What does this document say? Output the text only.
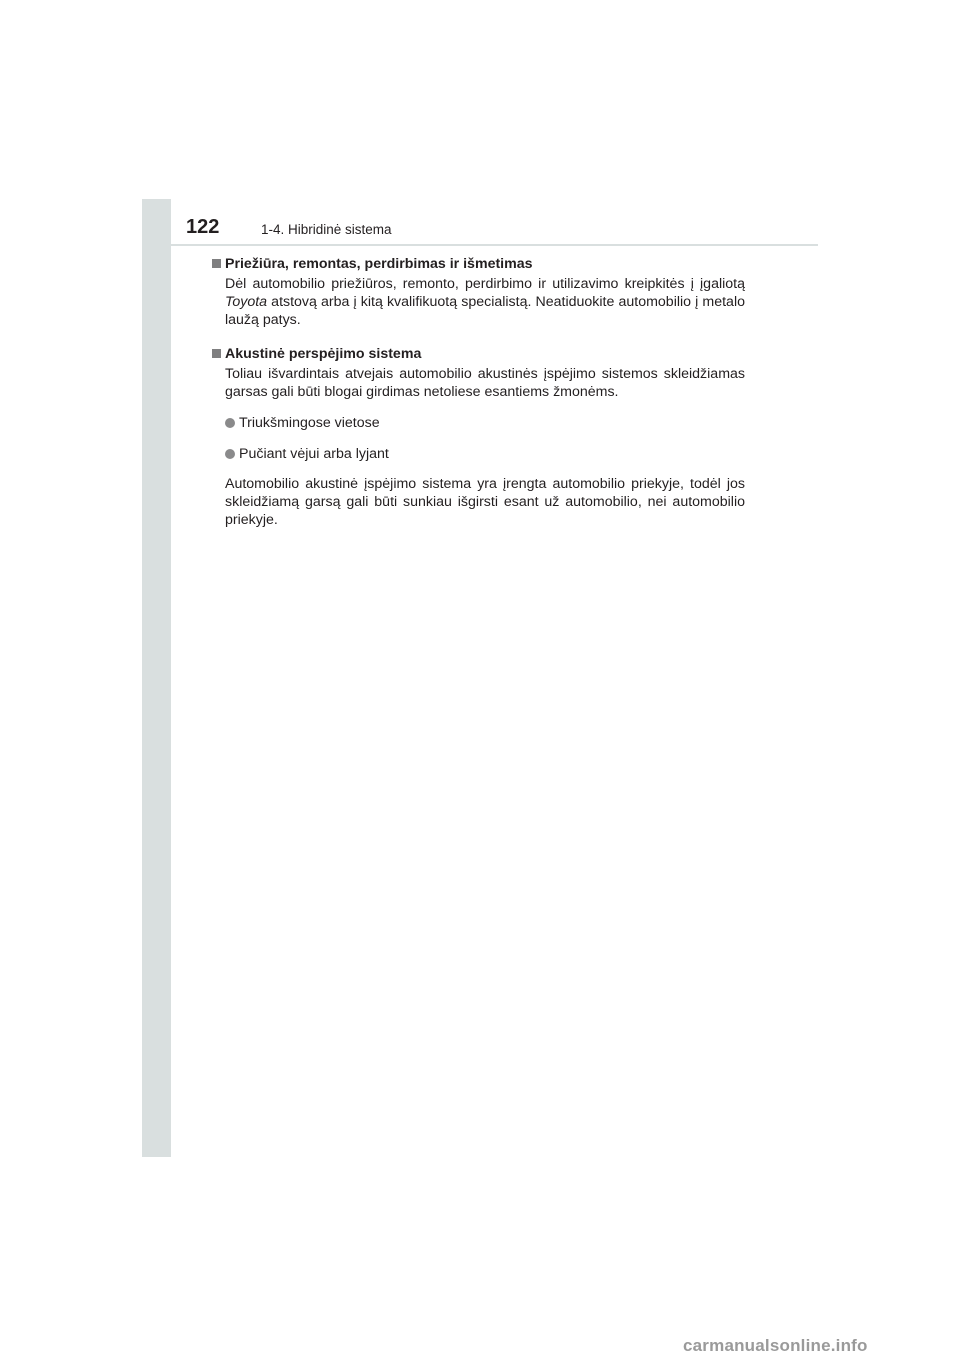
122	1-4. Hibridinė sistema
Priežiūra, remontas, perdirbimas ir išmetimas

Dėl automobilio priežiūros, remonto, perdirbimo ir utilizavimo kreipkitės į įgaliotą Toyota atstovą arba į kitą kvalifikuotą specialistą. Neatiduokite automobilio į metalo laužą patys.

Akustinė perspėjimo sistema

Toliau išvardintais atvejais automobilio akustinės įspėjimo sistemos skleidžiamas garsas gali būti blogai girdimas netoliese esantiems žmonėms.

Triukšmingose vietose
Pučiant vėjui arba lyjant

Automobilio akustinė įspėjimo sistema yra įrengta automobilio priekyje, todėl jos skleidžiamą garsą gali būti sunkiau išgirsti esant už automobilio, nei automobilio priekyje.

carmanualsonline.info
